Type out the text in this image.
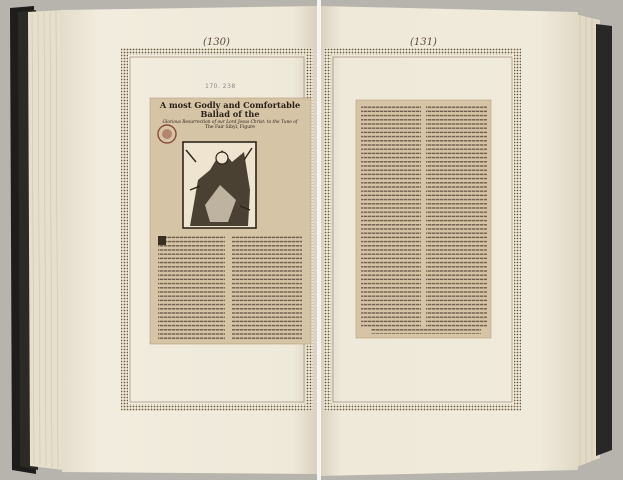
(130)	(131)
170. 238
A most Godly and Comfortable Ballad of the
Glorious Resurrection of our Lord Jesus Christ: to the Tune of
The Fair Sibyl, Figure
